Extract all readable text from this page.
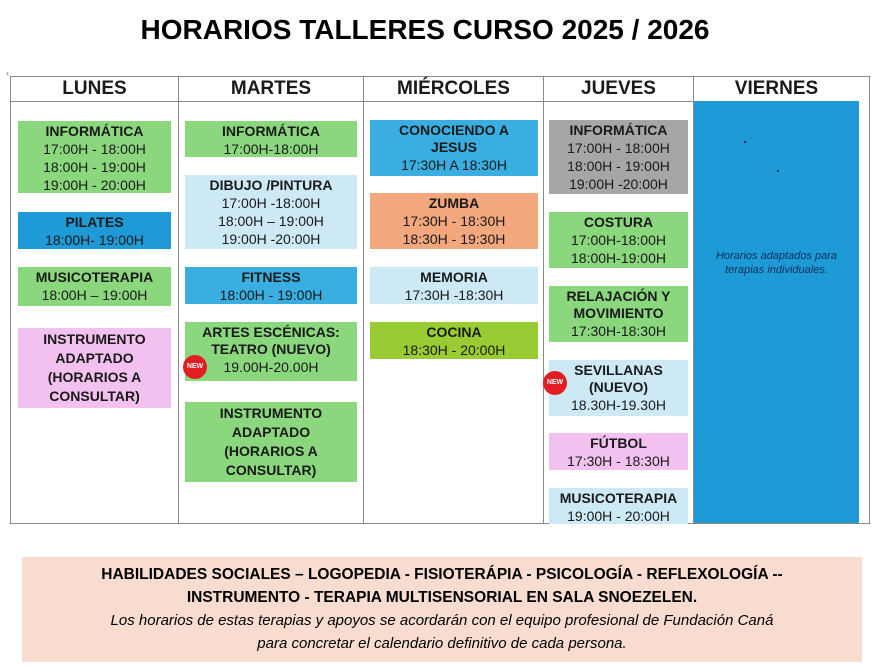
HORARIOS TALLERES CURSO 2025 / 2026
‹
LUNES
INFORMÁTICA
17:00H - 18:00H
18:00H - 19:00H
19:00H - 20:00H
PILATES
18:00H- 19:00H
MUSICOTERAPIA
18:00H – 19:00H
INSTRUMENTO ADAPTADO (HORARIOS A CONSULTAR)
MARTES
INFORMÁTICA
17:00H-18:00H
DIBUJO /PINTURA
17:00H -18:00H
18:00H – 19:00H
19:00H -20:00H
FITNESS
18:00H - 19:00H
ARTES ESCÉNICAS: TEATRO (NUEVO)
19.00H-20.00H
NEW
INSTRUMENTO ADAPTADO (HORARIOS A CONSULTAR)
MIÉRCOLES
CONOCIENDO A JESUS
17:30H A 18:30H
ZUMBA
17:30H - 18:30H
18:30H - 19:30H
MEMORIA
17:30H -18:30H
COCINA
18:30H - 20:00H
JUEVES
INFORMÁTICA
17:00H - 18:00H
18:00H - 19:00H
19:00H -20:00H
COSTURA
17:00H-18:00H
18:00H-19:00H
RELAJACIÓN Y MOVIMIENTO
17:30H-18:30H
SEVILLANAS (NUEVO)
18.30H-19.30H
NEW
FÚTBOL
17:30H - 18:30H
MUSICOTERAPIA
19:00H - 20:00H
VIERNES
Horarios adaptados para terapias individuales.
HABILIDADES SOCIALES – LOGOPEDIA - FISIOTERÁPIA - PSICOLOGÍA - REFLEXOLOGÍA --
INSTRUMENTO - TERAPIA MULTISENSORIAL EN SALA SNOEZELEN.
Los horarios de estas terapias y apoyos se acordarán con el equipo profesional de Fundación Caná
para concretar el calendario definitivo de cada persona.
